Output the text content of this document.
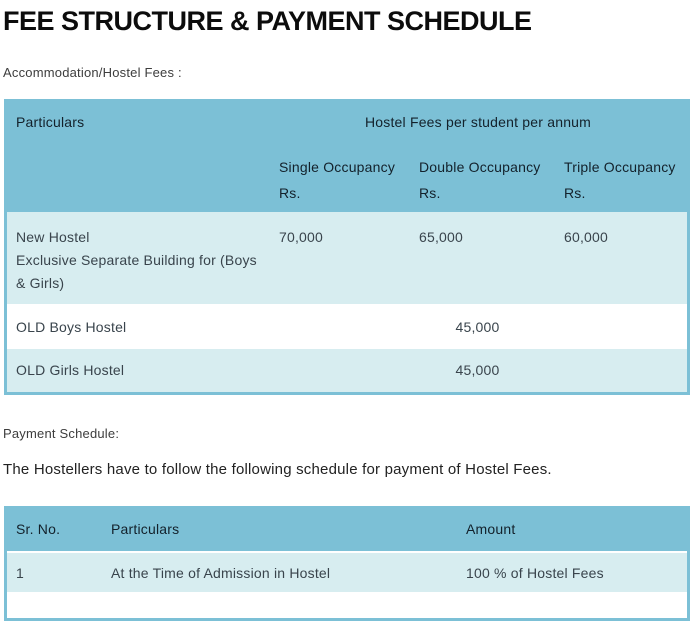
FEE STRUCTURE & PAYMENT SCHEDULE
Accommodation/Hostel Fees :
Particulars	Hostel Fees per student per annum		
	Single Occupancy Rs.	Double Occupancy Rs.	Triple Occupancy Rs.

New Hostel
Exclusive Separate Building for (Boys & Girls)	70,000	65,000	60,000
OLD Boys Hostel	45,000		
OLD Girls Hostel	45,000		
Payment Schedule:
The Hostellers have to follow the following schedule for payment of Hostel Fees.
Sr. No.	Particulars	Amount
1	At the Time of Admission in Hostel	100 % of Hostel Fees
